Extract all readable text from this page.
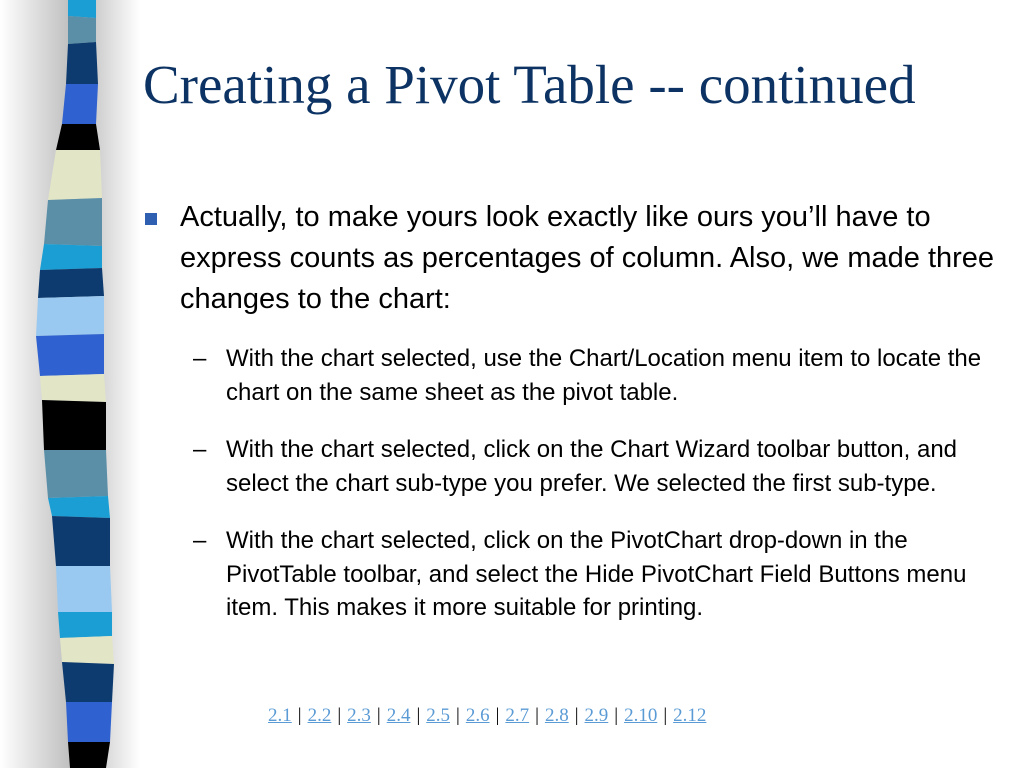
Creating a Pivot Table -- continued
Actually, to make yours look exactly like ours you’ll have to express counts as percentages of column. Also, we made three changes to the chart:
– With the chart selected, use the Chart/Location menu item to locate the chart on the same sheet as the pivot table.
– With the chart selected, click on the Chart Wizard toolbar button, and select the chart sub-type you prefer. We selected the first sub-type.
– With the chart selected, click on the PivotChart drop-down in the PivotTable toolbar, and select the Hide PivotChart Field Buttons menu item. This makes it more suitable for printing.
2.1 | 2.2 | 2.3 | 2.4 | 2.5 | 2.6 | 2.7 | 2.8 | 2.9 | 2.10 | 2.12
